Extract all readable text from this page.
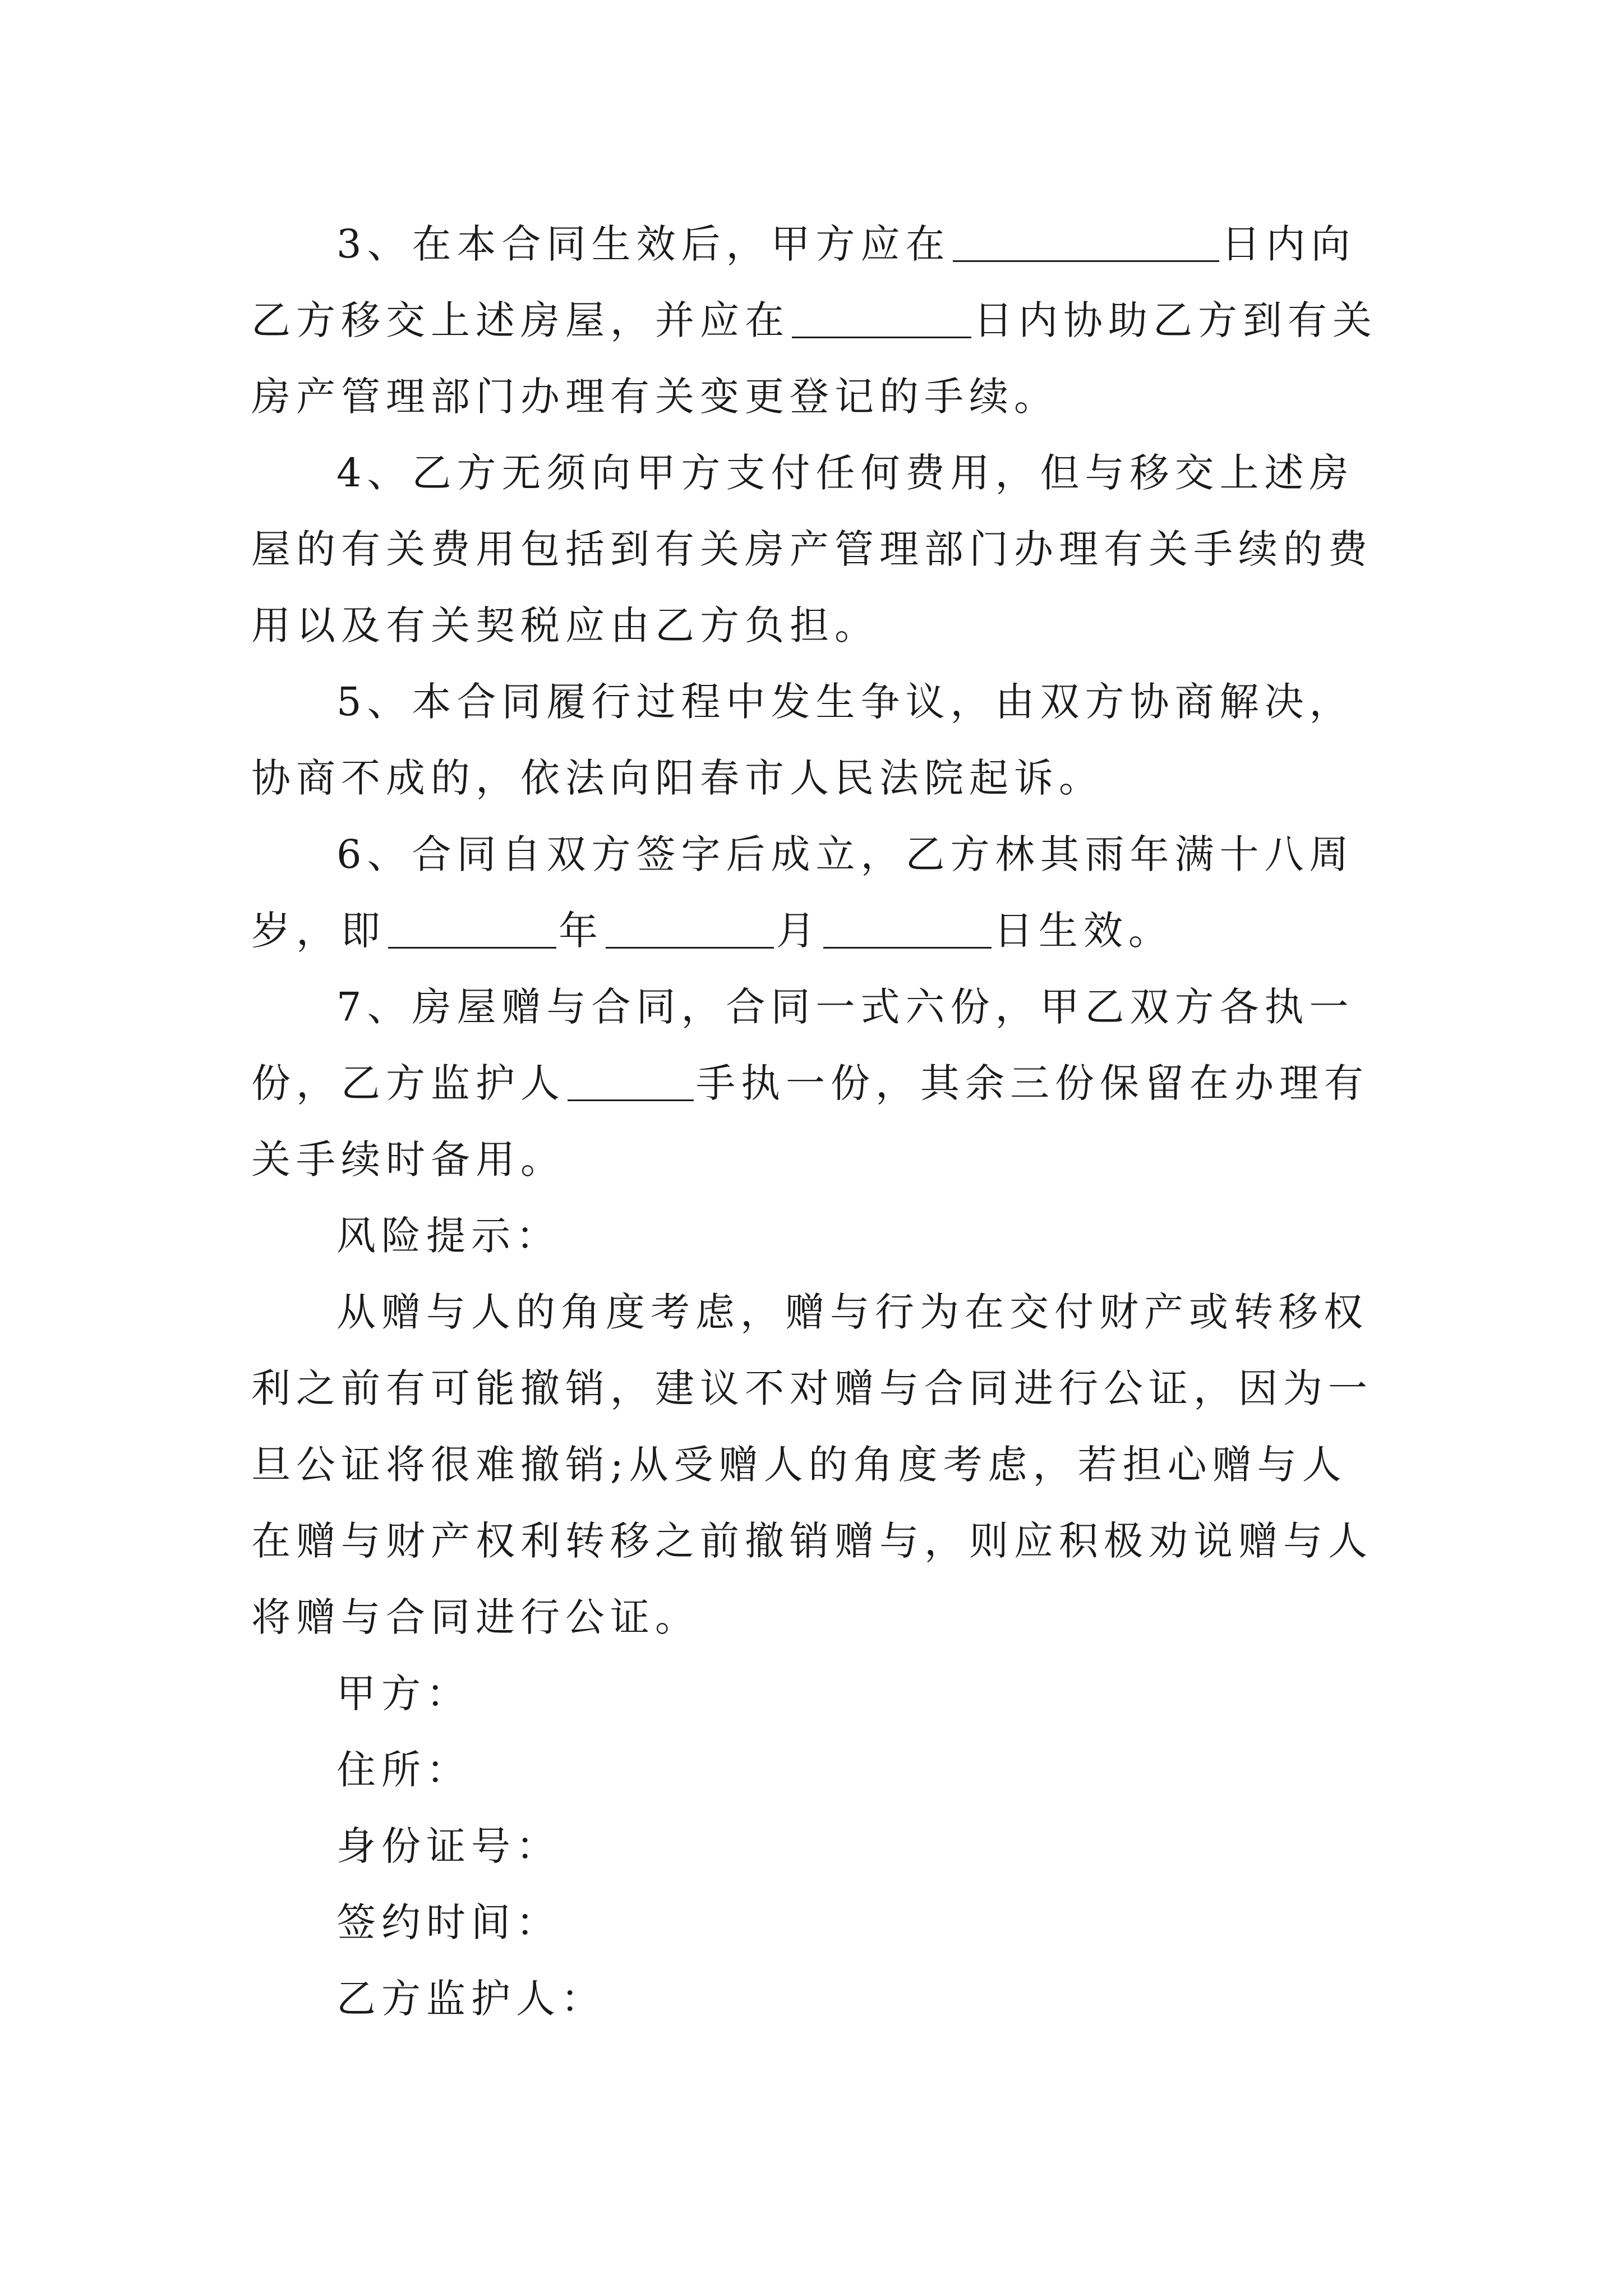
3、在本合同生效后，甲方应在	日内向乙方移交上述房屋，并应在	日内协助乙方到有关房产管理部门办理有关变更登记的手续。
4、乙方无须向甲方支付任何费用，但与移交上述房屋的有关费用包括到有关房产管理部门办理有关手续的费用以及有关契税应由乙方负担。
5、本合同履行过程中发生争议，由双方协商解决，协商不成的，依法向阳春市人民法院起诉。
6、合同自双方签字后成立，乙方林其雨年满十八周岁，即	年	月	日生效。
7、房屋赠与合同，合同一式六份，甲乙双方各执一份，乙方监护人	手执一份，其余三份保留在办理有关手续时备用。
风险提示：
从赠与人的角度考虑，赠与行为在交付财产或转移权利之前有可能撤销，建议不对赠与合同进行公证，因为一旦公证将很难撤销;从受赠人的角度考虑，若担心赠与人在赠与财产权利转移之前撤销赠与，则应积极劝说赠与人将赠与合同进行公证。
甲方：
住所：
身份证号：
签约时间：
乙方监护人：
